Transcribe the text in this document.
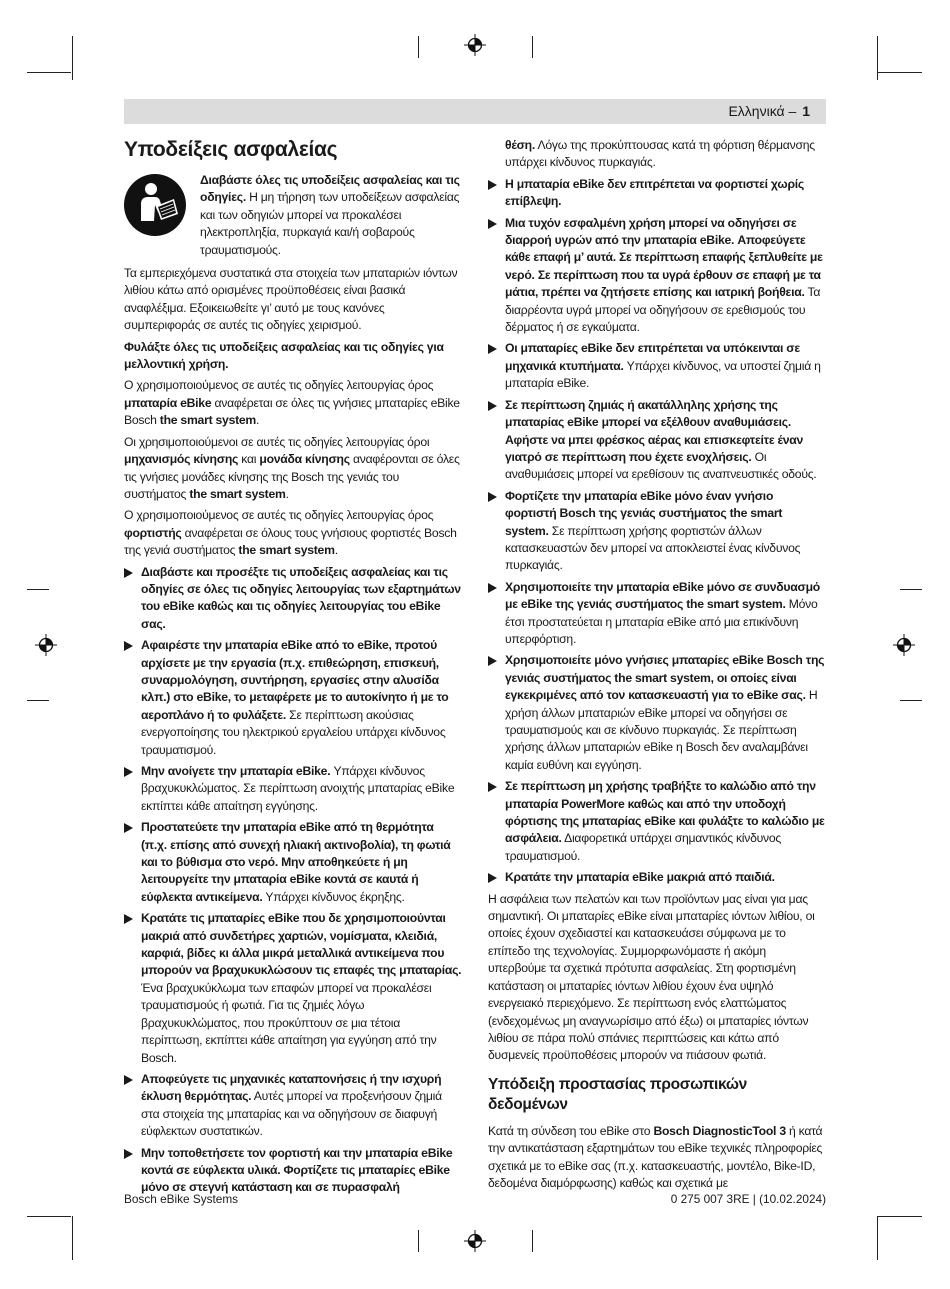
Ελληνικά – 1
Υποδείξεις ασφαλείας

Διαβάστε όλες τις υποδείξεις ασφαλείας και τις οδηγίες. Η μη τήρηση των υποδείξεων ασφαλείας και των οδηγιών μπορεί να προκαλέσει ηλεκτροπληξία, πυρκαγιά και/ή σοβαρούς τραυματισμούς.

Τα εμπεριεχόμενα συστατικά στα στοιχεία των μπαταριών ιόντων λιθίου κάτω από ορισμένες προϋποθέσεις είναι βασικά αναφλέξιμα. Εξοικειωθείτε γι’ αυτό με τους κανόνες συμπεριφοράς σε αυτές τις οδηγίες χειρισμού.

Φυλάξτε όλες τις υποδείξεις ασφαλείας και τις οδηγίες για μελλοντική χρήση.

Ο χρησιμοποιούμενος σε αυτές τις οδηγίες λειτουργίας όρος μπαταρία eBike αναφέρεται σε όλες τις γνήσιες μπαταρίες eBike Bosch the smart system.

Οι χρησιμοποιούμενοι σε αυτές τις οδηγίες λειτουργίας όροι μηχανισμός κίνησης και μονάδα κίνησης αναφέρονται σε όλες τις γνήσιες μονάδες κίνησης της Bosch της γενιάς του συστήματος the smart system.

Ο χρησιμοποιούμενος σε αυτές τις οδηγίες λειτουργίας όρος φορτιστής αναφέρεται σε όλους τους γνήσιους φορτιστές Bosch της γενιά συστήματος the smart system.

Διαβάστε και προσέξτε τις υποδείξεις ασφαλείας και τις οδηγίες σε όλες τις οδηγίες λειτουργίας των εξαρτημάτων του eBike καθώς και τις οδηγίες λειτουργίας του eBike σας.
Αφαιρέστε την μπαταρία eBike από το eBike, προτού αρχίσετε με την εργασία (π.χ. επιθεώρηση, επισκευή, συναρμολόγηση, συντήρηση, εργασίες στην αλυσίδα κλπ.) στο eBike, το μεταφέρετε με το αυτοκίνητο ή με το αεροπλάνο ή το φυλάξετε. Σε περίπτωση ακούσιας ενεργοποίησης του ηλεκτρικού εργαλείου υπάρχει κίνδυνος τραυματισμού.
Μην ανοίγετε την μπαταρία eBike. Υπάρχει κίνδυνος βραχυκυκλώματος. Σε περίπτωση ανοιχτής μπαταρίας eBike εκπίπτει κάθε απαίτηση εγγύησης.
Προστατεύετε την μπαταρία eBike από τη θερμότητα (π.χ. επίσης από συνεχή ηλιακή ακτινοβολία), τη φωτιά και το βύθισμα στο νερό. Μην αποθηκεύετε ή μη λειτουργείτε την μπαταρία eBike κοντά σε καυτά ή εύφλεκτα αντικείμενα. Υπάρχει κίνδυνος έκρηξης.
Κρατάτε τις μπαταρίες eBike που δε χρησιμοποιούνται μακριά από συνδετήρες χαρτιών, νομίσματα, κλειδιά, καρφιά, βίδες κι άλλα μικρά μεταλλικά αντικείμενα που μπορούν να βραχυκυκλώσουν τις επαφές της μπαταρίας. Ένα βραχυκύκλωμα των επαφών μπορεί να προκαλέσει τραυματισμούς ή φωτιά. Για τις ζημιές λόγω βραχυκυκλώματος, που προκύπτουν σε μια τέτοια περίπτωση, εκπίπτει κάθε απαίτηση για εγγύηση από την Bosch.
Αποφεύγετε τις μηχανικές καταπονήσεις ή την ισχυρή έκλυση θερμότητας. Αυτές μπορεί να προξενήσουν ζημιά στα στοιχεία της μπαταρίας και να οδηγήσουν σε διαφυγή εύφλεκτων συστατικών.
Μην τοποθετήσετε τον φορτιστή και την μπαταρία eBike κοντά σε εύφλεκτα υλικά. Φορτίζετε τις μπαταρίες eBike μόνο σε στεγνή κατάσταση και σε πυρασφαλή

θέση. Λόγω της προκύπτουσας κατά τη φόρτιση θέρμανσης υπάρχει κίνδυνος πυρκαγιάς.

Η μπαταρία eBike δεν επιτρέπεται να φορτιστεί χωρίς επίβλεψη.
Μια τυχόν εσφαλμένη χρήση μπορεί να οδηγήσει σε διαρροή υγρών από την μπαταρία eBike. Αποφεύγετε κάθε επαφή μ’ αυτά. Σε περίπτωση επαφής ξεπλυθείτε με νερό. Σε περίπτωση που τα υγρά έρθουν σε επαφή με τα μάτια, πρέπει να ζητήσετε επίσης και ιατρική βοήθεια. Τα διαρρέοντα υγρά μπορεί να οδηγήσουν σε ερεθισμούς του δέρματος ή σε εγκαύματα.
Οι μπαταρίες eBike δεν επιτρέπεται να υπόκεινται σε μηχανικά κτυπήματα. Υπάρχει κίνδυνος, να υποστεί ζημιά η μπαταρία eBike.
Σε περίπτωση ζημιάς ή ακατάλληλης χρήσης της μπαταρίας eBike μπορεί να εξέλθουν αναθυμιάσεις. Αφήστε να μπει φρέσκος αέρας και επισκεφτείτε έναν γιατρό σε περίπτωση που έχετε ενοχλήσεις. Οι αναθυμιάσεις μπορεί να ερεθίσουν τις αναπνευστικές οδούς.
Φορτίζετε την μπαταρία eBike μόνο έναν γνήσιο φορτιστή Bosch της γενιάς συστήματος the smart system. Σε περίπτωση χρήσης φορτιστών άλλων κατασκευαστών δεν μπορεί να αποκλειστεί ένας κίνδυνος πυρκαγιάς.
Χρησιμοποιείτε την μπαταρία eBike μόνο σε συνδυασμό με eBike της γενιάς συστήματος the smart system. Μόνο έτσι προστατεύεται η μπαταρία eBike από μια επικίνδυνη υπερφόρτιση.
Χρησιμοποιείτε μόνο γνήσιες μπαταρίες eBike Bosch της γενιάς συστήματος the smart system, οι οποίες είναι εγκεκριμένες από τον κατασκευαστή για το eBike σας. Η χρήση άλλων μπαταριών eBike μπορεί να οδηγήσει σε τραυματισμούς και σε κίνδυνο πυρκαγιάς. Σε περίπτωση χρήσης άλλων μπαταριών eBike η Bosch δεν αναλαμβάνει καμία ευθύνη και εγγύηση.
Σε περίπτωση μη χρήσης τραβήξτε το καλώδιο από την μπαταρία PowerMore καθώς και από την υποδοχή φόρτισης της μπαταρίας eBike και φυλάξτε το καλώδιο με ασφάλεια. Διαφορετικά υπάρχει σημαντικός κίνδυνος τραυματισμού.
Κρατάτε την μπαταρία eBike μακριά από παιδιά.

Η ασφάλεια των πελατών και των προϊόντων μας είναι για μας σημαντική. Οι μπαταρίες eBike είναι μπαταρίες ιόντων λιθίου, οι οποίες έχουν σχεδιαστεί και κατασκευάσει σύμφωνα με το επίπεδο της τεχνολογίας. Συμμορφωνόμαστε ή ακόμη υπερβούμε τα σχετικά πρότυπα ασφαλείας. Στη φορτισμένη κατάσταση οι μπαταρίες ιόντων λιθίου έχουν ένα υψηλό ενεργειακό περιεχόμενο. Σε περίπτωση ενός ελαττώματος (ενδεχομένως μη αναγνωρίσιμο από έξω) οι μπαταρίες ιόντων λιθίου σε πάρα πολύ σπάνιες περιπτώσεις και κάτω από δυσμενείς προϋποθέσεις μπορούν να πιάσουν φωτιά.

Υπόδειξη προστασίας προσωπικών δεδομένων

Κατά τη σύνδεση του eBike στο Bosch DiagnosticTool 3 ή κατά την αντικατάσταση εξαρτημάτων του eBike τεχνικές πληροφορίες σχετικά με το eBike σας (π.χ. κατασκευαστής, μοντέλο, Bike-ID, δεδομένα διαμόρφωσης) καθώς και σχετικά με

Bosch eBike Systems	0 275 007 3RE | (10.02.2024)
